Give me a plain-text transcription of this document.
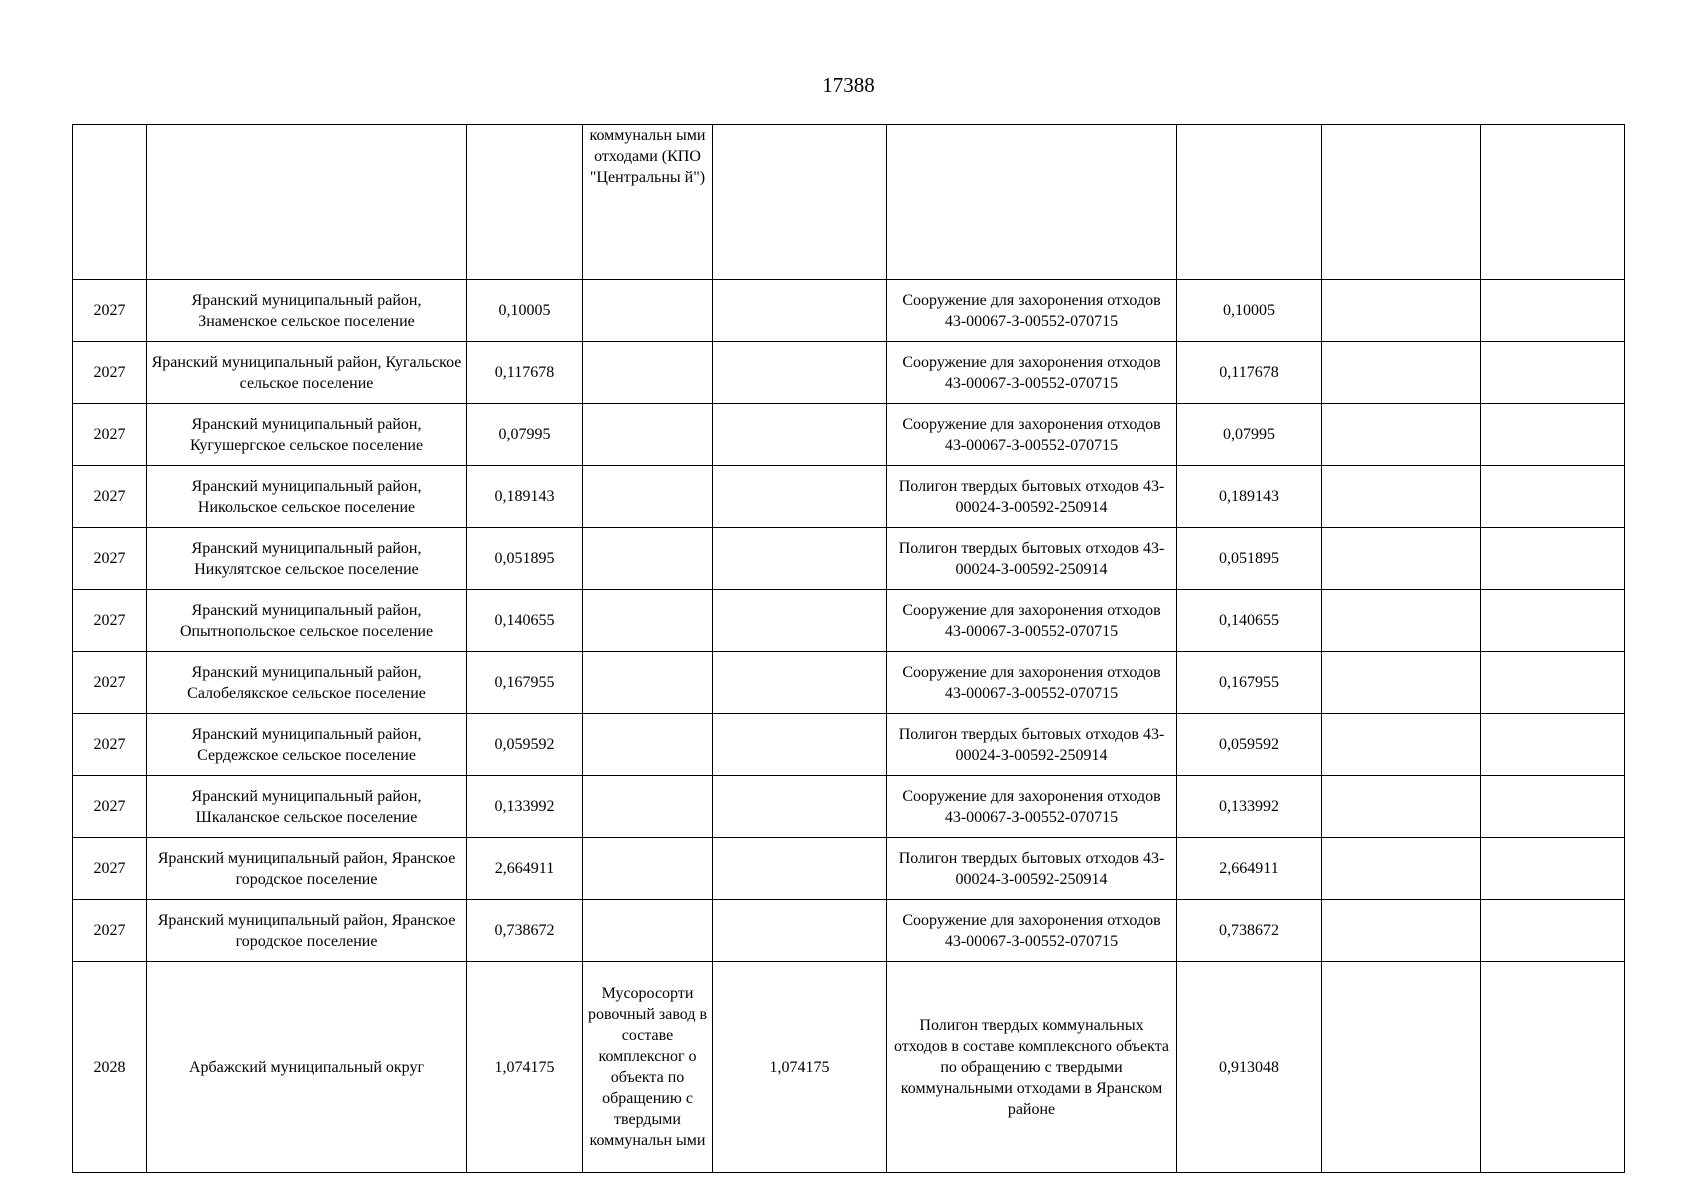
17388
			коммунальн ыми отходами (КПО "Центральны й")					
2027	Яранский муниципальный район, Знаменское сельское поселение	0,10005			Сооружение для захоронения отходов 43-00067-З-00552-070715	0,10005		
2027	Яранский муниципальный район, Кугальское сельское поселение	0,117678			Сооружение для захоронения отходов 43-00067-З-00552-070715	0,117678		
2027	Яранский муниципальный район, Кугушергское сельское поселение	0,07995			Сооружение для захоронения отходов 43-00067-З-00552-070715	0,07995		
2027	Яранский муниципальный район, Никольское сельское поселение	0,189143			Полигон твердых бытовых отходов 43-00024-З-00592-250914	0,189143		
2027	Яранский муниципальный район, Никулятское сельское поселение	0,051895			Полигон твердых бытовых отходов 43-00024-З-00592-250914	0,051895		
2027	Яранский муниципальный район, Опытнопольское сельское поселение	0,140655			Сооружение для захоронения отходов 43-00067-З-00552-070715	0,140655		
2027	Яранский муниципальный район, Салобелякское сельское поселение	0,167955			Сооружение для захоронения отходов 43-00067-З-00552-070715	0,167955		
2027	Яранский муниципальный район, Сердежское сельское поселение	0,059592			Полигон твердых бытовых отходов 43-00024-З-00592-250914	0,059592		
2027	Яранский муниципальный район, Шкаланское сельское поселение	0,133992			Сооружение для захоронения отходов 43-00067-З-00552-070715	0,133992		
2027	Яранский муниципальный район, Яранское городское поселение	2,664911			Полигон твердых бытовых отходов 43-00024-З-00592-250914	2,664911		
2027	Яранский муниципальный район, Яранское городское поселение	0,738672			Сооружение для захоронения отходов 43-00067-З-00552-070715	0,738672		
2028	Арбажский муниципальный округ	1,074175	Мусоросорти ровочный завод в составе комплексног о объекта по обращению с твердыми коммунальн ыми	1,074175	Полигон твердых коммунальных отходов в составе комплексного объекта по обращению с твердыми коммунальными отходами в Яранском районе	0,913048		
